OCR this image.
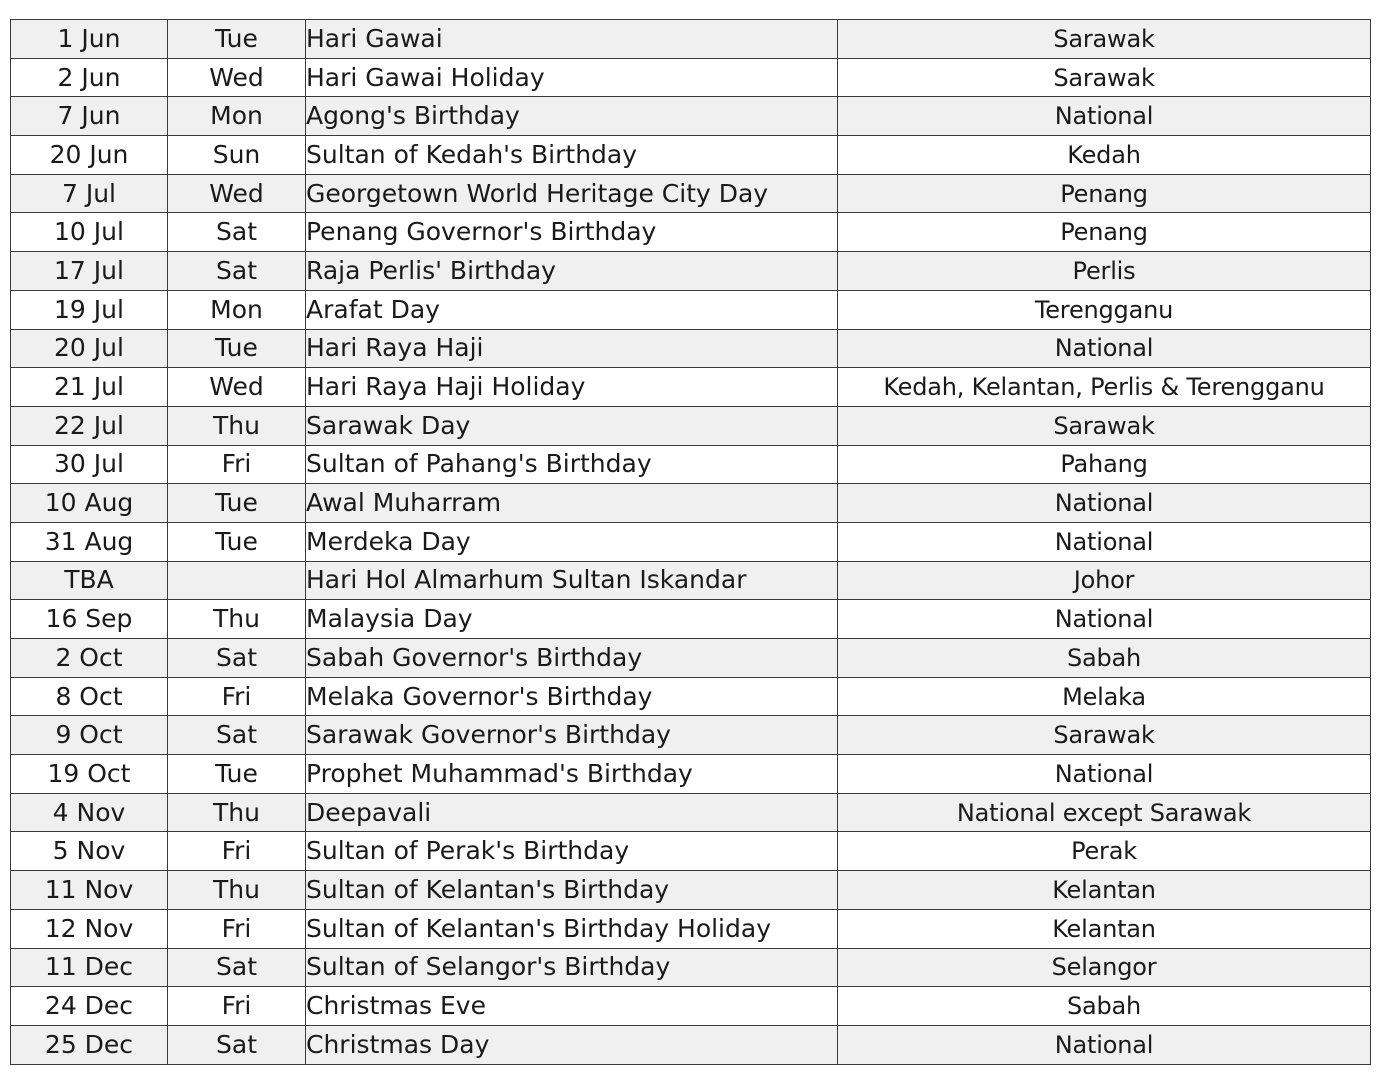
1 Jun	Tue	Hari Gawai	Sarawak
2 Jun	Wed	Hari Gawai Holiday	Sarawak
7 Jun	Mon	Agong's Birthday	National
20 Jun	Sun	Sultan of Kedah's Birthday	Kedah
7 Jul	Wed	Georgetown World Heritage City Day	Penang
10 Jul	Sat	Penang Governor's Birthday	Penang
17 Jul	Sat	Raja Perlis' Birthday	Perlis
19 Jul	Mon	Arafat Day	Terengganu
20 Jul	Tue	Hari Raya Haji	National
21 Jul	Wed	Hari Raya Haji Holiday	Kedah, Kelantan, Perlis & Terengganu
22 Jul	Thu	Sarawak Day	Sarawak
30 Jul	Fri	Sultan of Pahang's Birthday	Pahang
10 Aug	Tue	Awal Muharram	National
31 Aug	Tue	Merdeka Day	National
TBA		Hari Hol Almarhum Sultan Iskandar	Johor
16 Sep	Thu	Malaysia Day	National
2 Oct	Sat	Sabah Governor's Birthday	Sabah
8 Oct	Fri	Melaka Governor's Birthday	Melaka
9 Oct	Sat	Sarawak Governor's Birthday	Sarawak
19 Oct	Tue	Prophet Muhammad's Birthday	National
4 Nov	Thu	Deepavali	National except Sarawak
5 Nov	Fri	Sultan of Perak's Birthday	Perak
11 Nov	Thu	Sultan of Kelantan's Birthday	Kelantan
12 Nov	Fri	Sultan of Kelantan's Birthday Holiday	Kelantan
11 Dec	Sat	Sultan of Selangor's Birthday	Selangor
24 Dec	Fri	Christmas Eve	Sabah
25 Dec	Sat	Christmas Day	National
